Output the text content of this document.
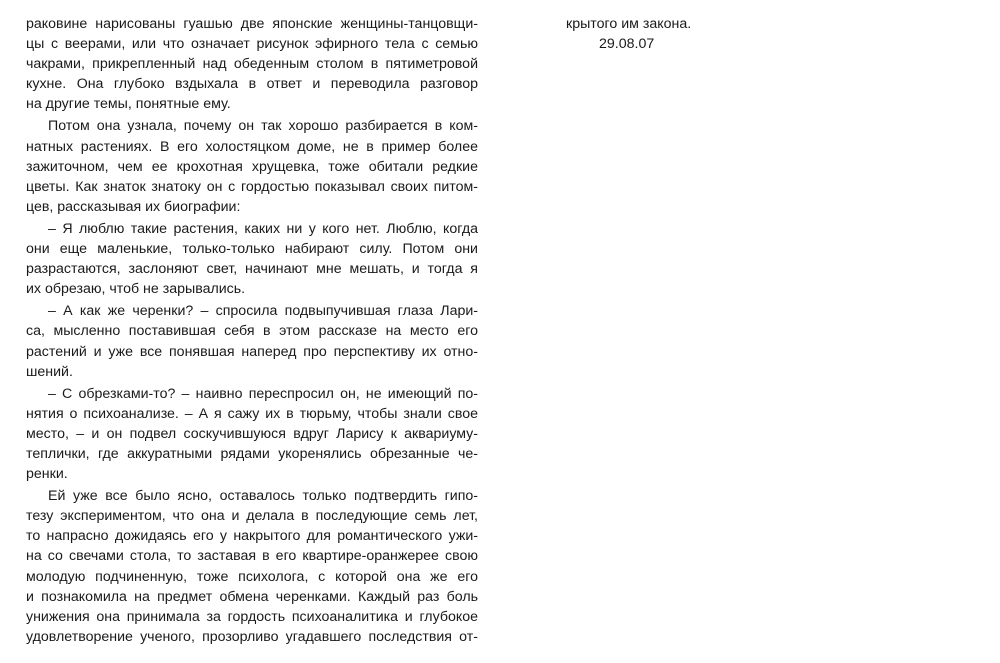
раковине нарисованы гуашью две японские женщины-танцовщи-
цы с веерами, или что означает рисунок эфирного тела с семью
чакрами, прикрепленный над обеденным столом в пятиметровой
кухне. Она глубоко вздыхала в ответ и переводила разговор
на другие темы, понятные ему.
Потом она узнала, почему он так хорошо разбирается в ком-
натных растениях. В его холостяцком доме, не в пример более
зажиточном, чем ее крохотная хрущевка, тоже обитали редкие
цветы. Как знаток знатоку он с гордостью показывал своих питом-
цев, рассказывая их биографии:
– Я люблю такие растения, каких ни у кого нет. Люблю, когда
они еще маленькие, только-только набирают силу. Потом они
разрастаются, заслоняют свет, начинают мне мешать, и тогда я
их обрезаю, чтоб не зарывались.
– А как же черенки? – спросила подвыпучившая глаза Лари-
са, мысленно поставившая себя в этом рассказе на место его
растений и уже все понявшая наперед про перспективу их отно-
шений.
– С обрезками-то? – наивно переспросил он, не имеющий по-
нятия о психоанализе. – А я сажу их в тюрьму, чтобы знали свое
место, – и он подвел соскучившуюся вдруг Ларису к аквариуму-
теплички, где аккуратными рядами укоренялись обрезанные че-
ренки.
Ей уже все было ясно, оставалось только подтвердить гипо-
тезу экспериментом, что она и делала в последующие семь лет,
то напрасно дожидаясь его у накрытого для романтического ужи-
на со свечами стола, то заставая в его квартире-оранжерее свою
молодую подчиненную, тоже психолога, с которой она же его
и познакомила на предмет обмена черенками. Каждый раз боль
унижения она принимала за гордость психоаналитика и глубокое
удовлетворение ученого, прозорливо угадавшего последствия от-
крытого им закона.
29.08.07
